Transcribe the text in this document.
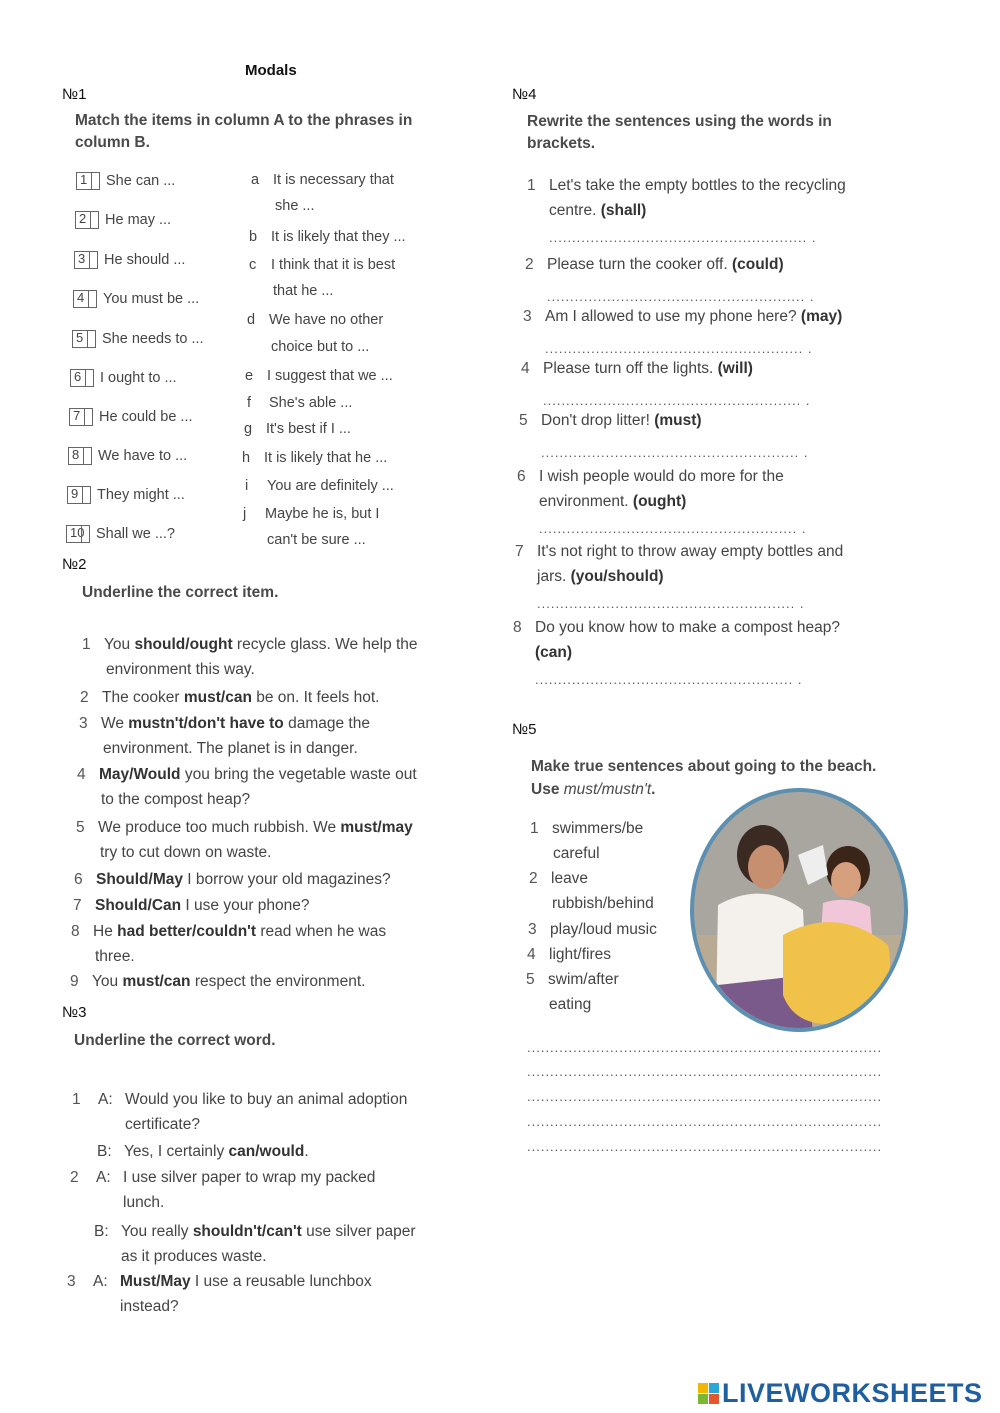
Modals
№1
Match the items in column A to the phrases in column B.
1 She can ...
2 He may ...
3 He should ...
4 You must be ...
5 She needs to ...
6 I ought to ...
7 He could be ...
8 We have to ...
9 They might ...
10 Shall we ...?
a It is necessary that
she ...
b It is likely that they ...
c I think that it is best
that he ...
d We have no other
choice but to ...
e I suggest that we ...
f She's able ...
g It's best if I ...
h It is likely that he ...
i You are definitely ...
j Maybe he is, but I
can't be sure ...
№2
Underline the correct item.
1 You should/ought recycle glass. We help the
environment this way.
2 The cooker must/can be on. It feels hot.
3 We mustn't/don't have to damage the
environment. The planet is in danger.
4 May/Would you bring the vegetable waste out
to the compost heap?
5 We produce too much rubbish. We must/may
try to cut down on waste.
6 Should/May I borrow your old magazines?
7 Should/Can I use your phone?
8 He had better/couldn't read when he was
three.
9 You must/can respect the environment.
№3
Underline the correct word.
1 A: Would you like to buy an animal adoption
certificate?
B: Yes, I certainly can/would.
2 A: I use silver paper to wrap my packed
lunch.
B: You really shouldn't/can't use silver paper
as it produces waste.
3 A: Must/May I use a reusable lunchbox
instead?
№4
Rewrite the sentences using the words in brackets.
1 Let's take the empty bottles to the recycling
centre. (shall)
........................................................ .
2 Please turn the cooker off. (could)
........................................................ .
3 Am I allowed to use my phone here? (may)
........................................................ .
4 Please turn off the lights. (will)
........................................................ .
5 Don't drop litter! (must)
........................................................ .
6 I wish people would do more for the
environment. (ought)
........................................................ .
7 It's not right to throw away empty bottles and
jars. (you/should)
........................................................ .
8 Do you know how to make a compost heap?
(can)
........................................................ .
№5
Make true sentences about going to the beach.
Use must/mustn't.
1 swimmers/be
careful
2 leave
rubbish/behind
3 play/loud music
4 light/fires
5 swim/after
eating
.............................................................................
.............................................................................
.............................................................................
.............................................................................
.............................................................................
LIVEWORKSHEETS
